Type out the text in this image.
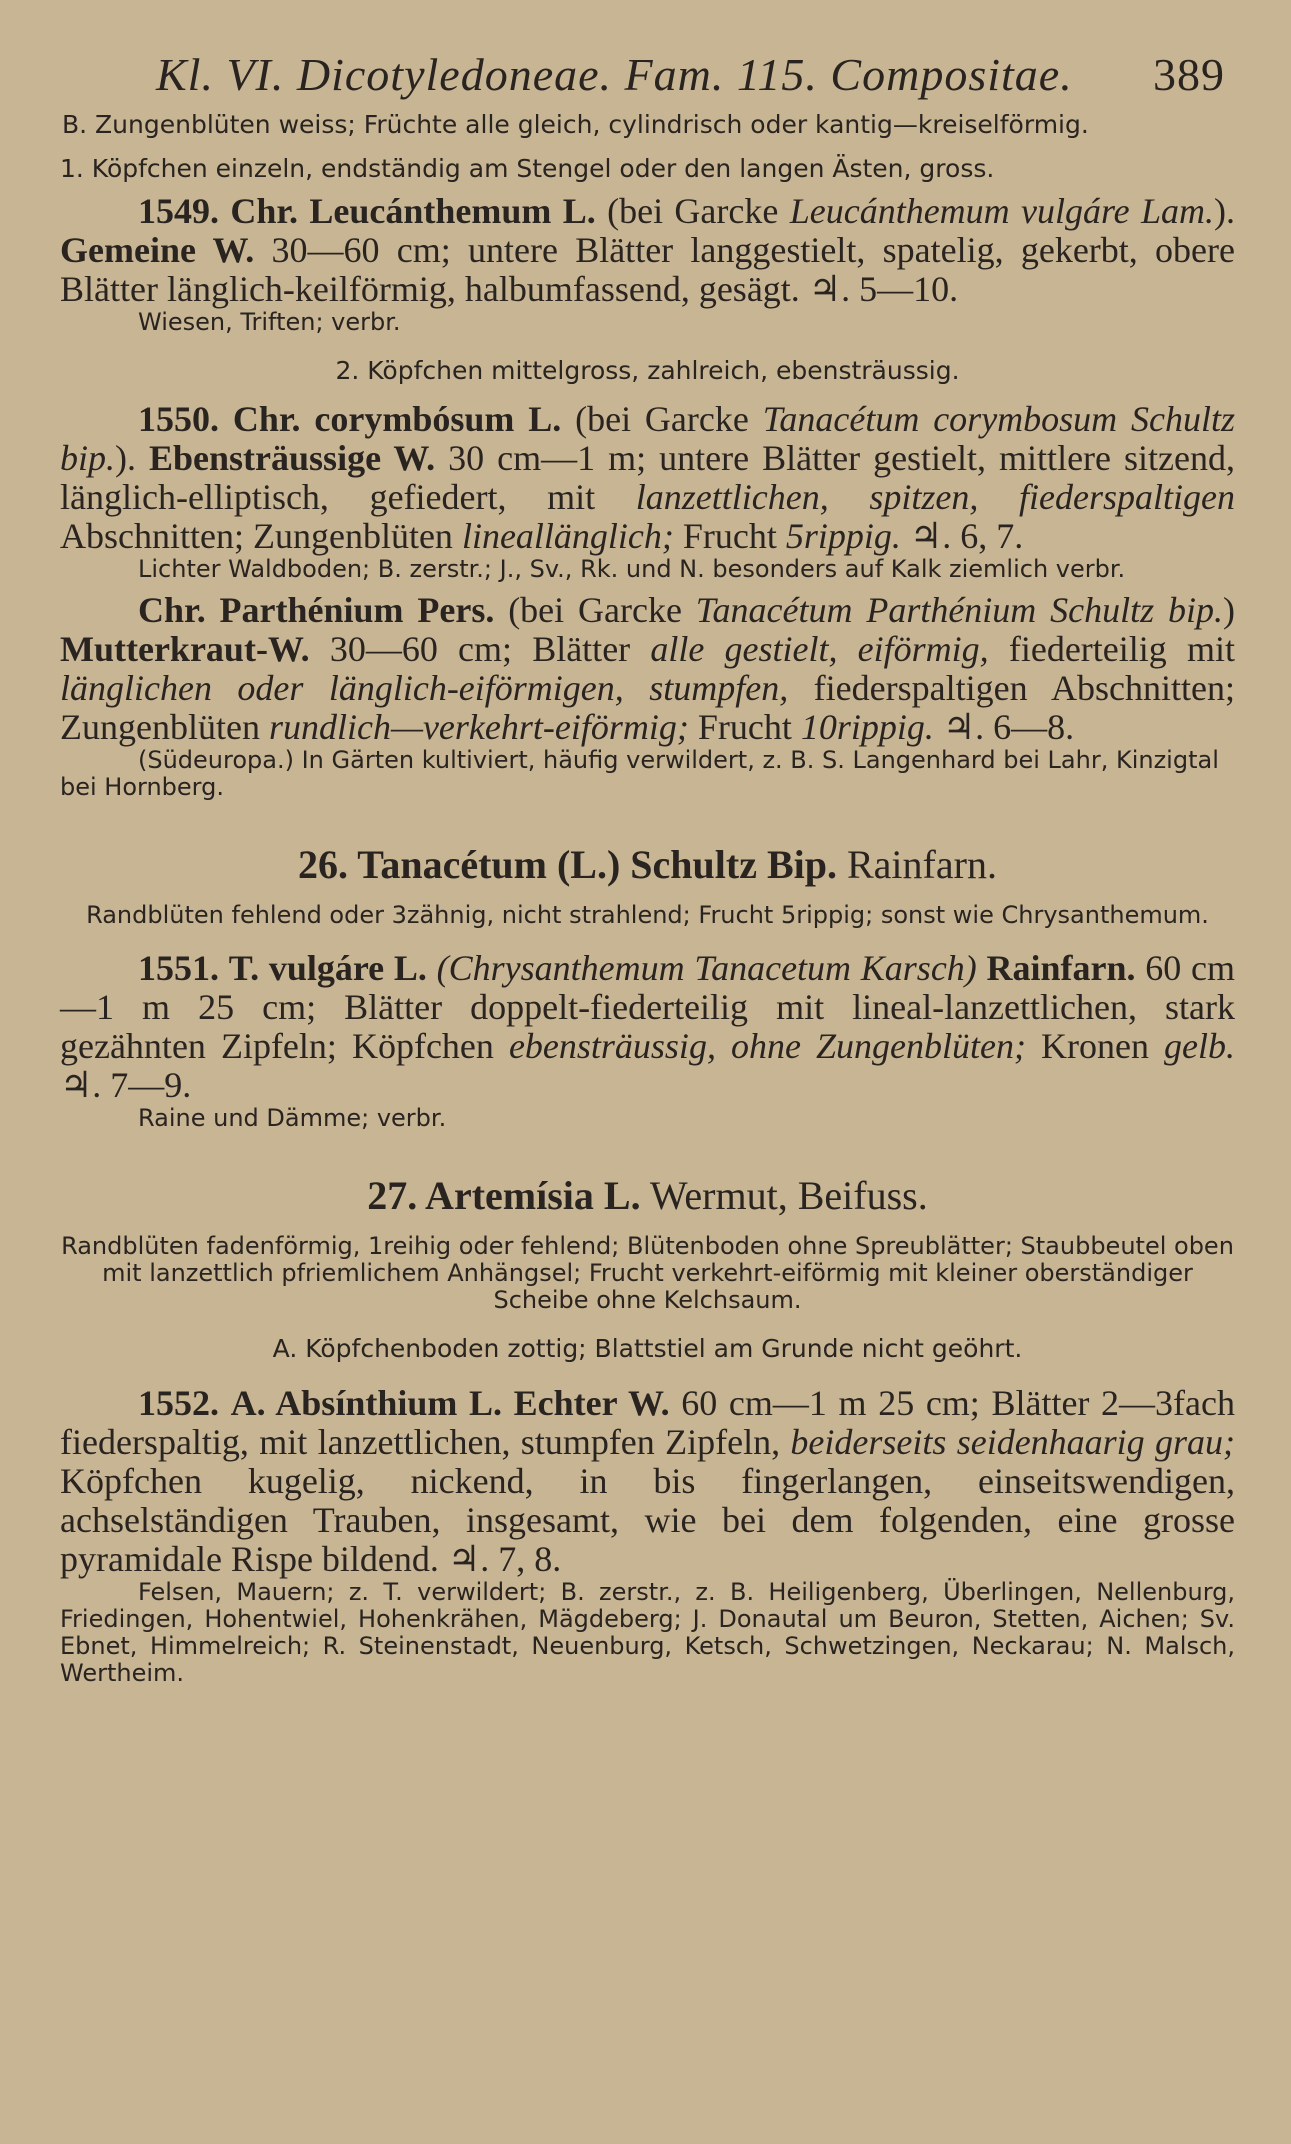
Kl. VI. Dicotyledoneae. Fam. 115. Compositae. 389

B. Zungenblüten weiss; Früchte alle gleich, cylindrisch oder kantig—kreiselförmig.

1. Köpfchen einzeln, endständig am Stengel oder den langen Ästen, gross.

1549. Chr. Leucánthemum L. (bei Garcke Leucánthemum vulgáre Lam.). Gemeine W. 30—60 cm; untere Blätter langgestielt, spatelig, gekerbt, obere Blätter länglich-keilförmig, halbumfassend, gesägt. ♃. 5—10.

Wiesen, Triften; verbr.

2. Köpfchen mittelgross, zahlreich, ebensträussig.

1550. Chr. corymbósum L. (bei Garcke Tanacétum corymbosum Schultz bip.). Ebensträussige W. 30 cm—1 m; untere Blätter gestielt, mittlere sitzend, länglich-elliptisch, gefiedert, mit lanzettlichen, spitzen, fiederspaltigen Abschnitten; Zungenblüten lineallänglich; Frucht 5rippig. ♃. 6, 7.

Lichter Waldboden; B. zerstr.; J., Sv., Rk. und N. besonders auf Kalk ziemlich verbr.

Chr. Parthénium Pers. (bei Garcke Tanacétum Parthénium Schultz bip.) Mutterkraut-W. 30—60 cm; Blätter alle gestielt, eiförmig, fiederteilig mit länglichen oder länglich-eiförmigen, stumpfen, fiederspaltigen Abschnitten; Zungenblüten rundlich—verkehrt-eiförmig; Frucht 10rippig. ♃. 6—8.

(Südeuropa.) In Gärten kultiviert, häufig verwildert, z. B. S. Langenhard bei Lahr, Kinzigtal bei Hornberg.

26. Tanacétum (L.) Schultz Bip. Rainfarn.

Randblüten fehlend oder 3zähnig, nicht strahlend; Frucht 5rippig; sonst wie Chrysanthemum.

1551. T. vulgáre L. (Chrysanthemum Tanacetum Karsch) Rainfarn. 60 cm—1 m 25 cm; Blätter doppelt-fiederteilig mit lineal-lanzettlichen, stark gezähnten Zipfeln; Köpfchen ebensträussig, ohne Zungenblüten; Kronen gelb. ♃. 7—9.

Raine und Dämme; verbr.

27. Artemísia L. Wermut, Beifuss.

Randblüten fadenförmig, 1reihig oder fehlend; Blütenboden ohne Spreublätter; Staubbeutel oben mit lanzettlich pfriemlichem Anhängsel; Frucht verkehrt-eiförmig mit kleiner oberständiger Scheibe ohne Kelchsaum.

A. Köpfchenboden zottig; Blattstiel am Grunde nicht geöhrt.

1552. A. Absínthium L. Echter W. 60 cm—1 m 25 cm; Blätter 2—3fach fiederspaltig, mit lanzettlichen, stumpfen Zipfeln, beiderseits seidenhaarig grau; Köpfchen kugelig, nickend, in bis fingerlangen, einseitswendigen, achselständigen Trauben, insgesamt, wie bei dem folgenden, eine grosse pyramidale Rispe bildend. ♃. 7, 8.

Felsen, Mauern; z. T. verwildert; B. zerstr., z. B. Heiligenberg, Überlingen, Nellenburg, Friedingen, Hohentwiel, Hohenkrähen, Mägdeberg; J. Donautal um Beuron, Stetten, Aichen; Sv. Ebnet, Himmelreich; R. Steinenstadt, Neuenburg, Ketsch, Schwetzingen, Neckarau; N. Malsch, Wertheim.
